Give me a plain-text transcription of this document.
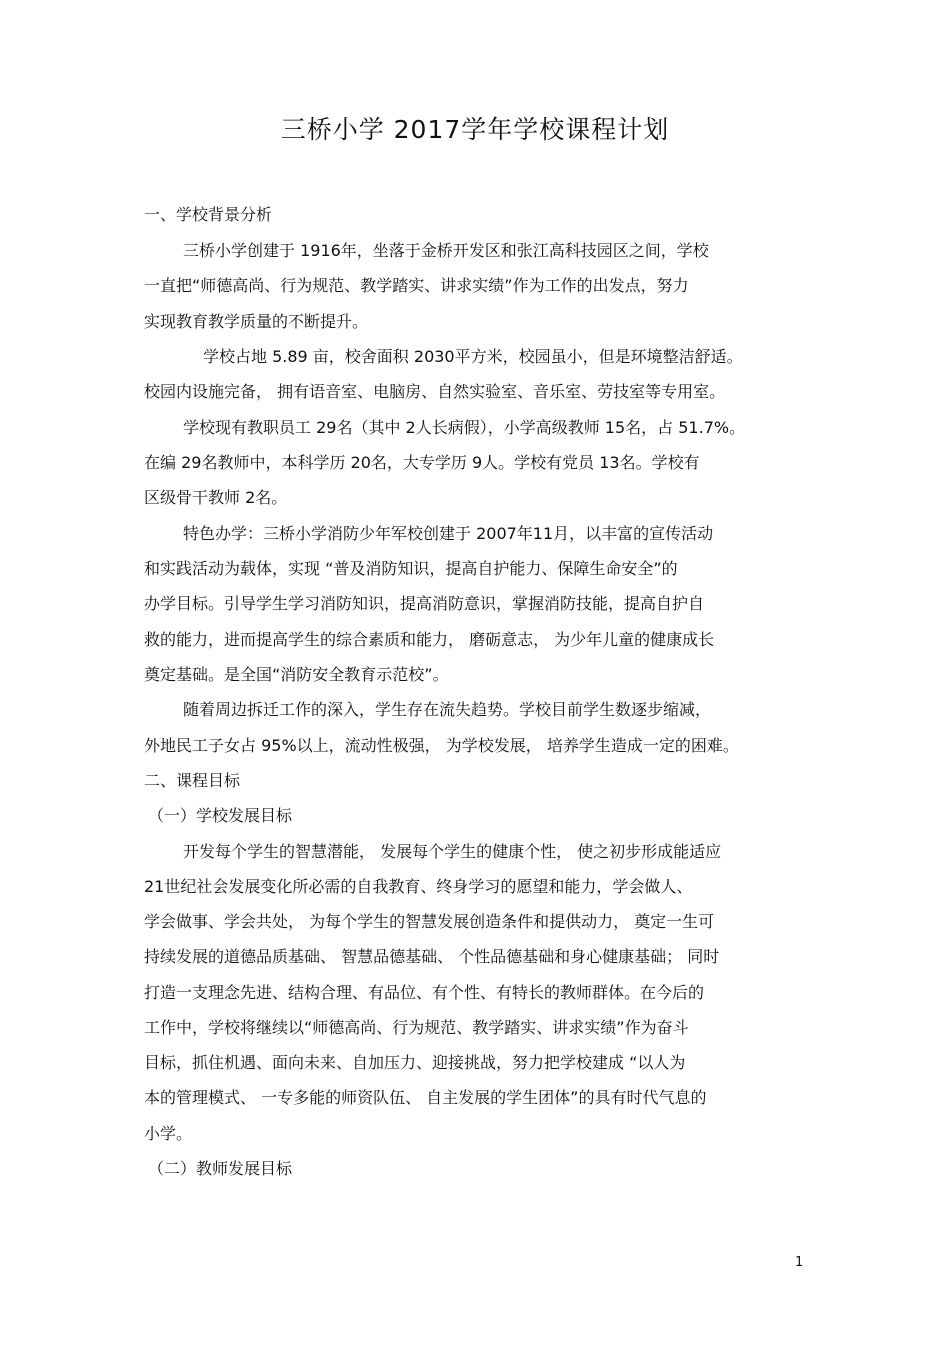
三桥小学 2017学年学校课程计划
一、学校背景分析
三桥小学创建于 1916年，坐落于金桥开发区和张江高科技园区之间，学校
一直把“师德高尚、行为规范、教学踏实、讲求实绩”作为工作的出发点，努力
实现教育教学质量的不断提升。
学校占地 5.89 亩，校舍面积 2030平方米，校园虽小，但是环境整洁舒适。
校园内设施完备， 拥有语音室、电脑房、自然实验室、音乐室、劳技室等专用室。
学校现有教职员工 29名（其中 2人长病假），小学高级教师 15名，占 51.7%。
在编 29名教师中，本科学历 20名，大专学历 9人。学校有党员 13名。学校有
区级骨干教师 2名。
特色办学：三桥小学消防少年军校创建于 2007年11月，以丰富的宣传活动
和实践活动为载体，实现 “普及消防知识，提高自护能力、保障生命安全”的
办学目标。引导学生学习消防知识，提高消防意识，掌握消防技能，提高自护自
救的能力，进而提高学生的综合素质和能力， 磨砺意志， 为少年儿童的健康成长
奠定基础。是全国“消防安全教育示范校”。
随着周边拆迁工作的深入，学生存在流失趋势。学校目前学生数逐步缩减，
外地民工子女占 95%以上，流动性极强， 为学校发展， 培养学生造成一定的困难。
二、课程目标
（一）学校发展目标
开发每个学生的智慧潜能， 发展每个学生的健康个性， 使之初步形成能适应
21世纪社会发展变化所必需的自我教育、终身学习的愿望和能力，学会做人、
学会做事、学会共处， 为每个学生的智慧发展创造条件和提供动力， 奠定一生可
持续发展的道德品质基础、 智慧品德基础、 个性品德基础和身心健康基础； 同时
打造一支理念先进、结构合理、有品位、有个性、有特长的教师群体。在今后的
工作中，学校将继续以“师德高尚、行为规范、教学踏实、讲求实绩”作为奋斗
目标，抓住机遇、面向未来、自加压力、迎接挑战，努力把学校建成 “以人为
本的管理模式、 一专多能的师资队伍、 自主发展的学生团体”的具有时代气息的
小学。
（二）教师发展目标
1
